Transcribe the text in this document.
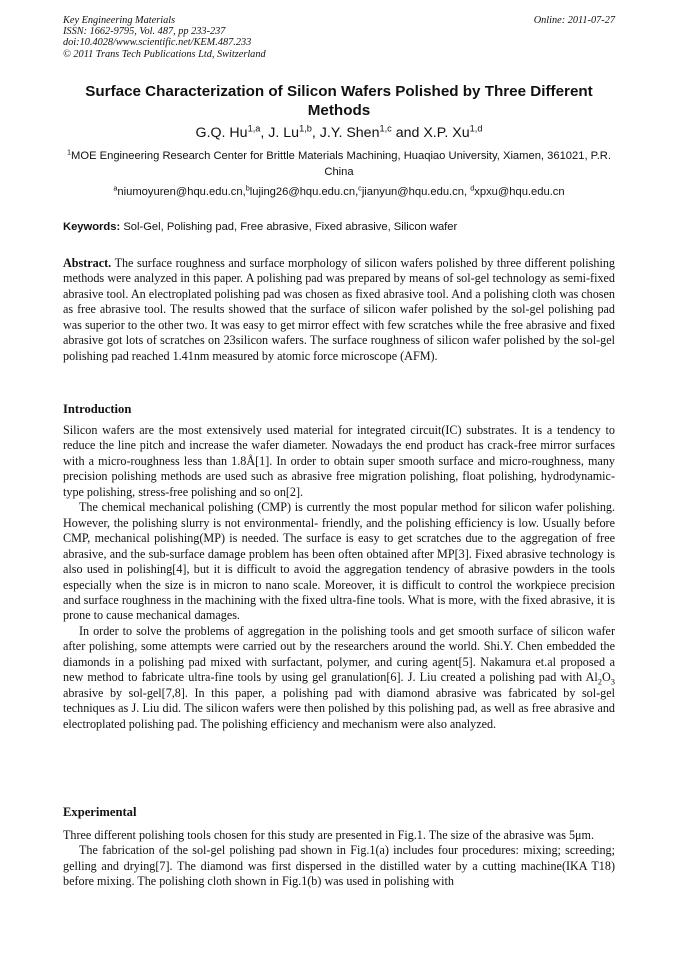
Key Engineering Materials
ISSN: 1662-9795, Vol. 487, pp 233-237
doi:10.4028/www.scientific.net/KEM.487.233
© 2011 Trans Tech Publications Ltd, Switzerland
Online: 2011-07-27
Surface Characterization of Silicon Wafers Polished by Three Different Methods
G.Q. Hu$^{1,a}$, J. Lu$^{1,b}$, J.Y. Shen$^{1,c}$ and X.P. Xu$^{1,d}$
$^1$MOE Engineering Research Center for Brittle Materials Machining, Huaqiao University, Xiamen, 361021, P.R. China
$^a$niumoyuren@hqu.edu.cn,$^b$lujing26@hqu.edu.cn,$^c$jianyun@hqu.edu.cn, $^d$xpxu@hqu.edu.cn
Keywords: Sol-Gel, Polishing pad, Free abrasive, Fixed abrasive, Silicon wafer
Abstract. The surface roughness and surface morphology of silicon wafers polished by three different polishing methods were analyzed in this paper. A polishing pad was prepared by means of sol-gel technology as semi-fixed abrasive tool. An electroplated polishing pad was chosen as fixed abrasive tool. And a polishing cloth was chosen as free abrasive tool. The results showed that the surface of silicon wafer polished by the sol-gel polishing pad was superior to the other two. It was easy to get mirror effect with few scratches while the free abrasive and fixed abrasive got lots of scratches on 23silicon wafers. The surface roughness of silicon wafer polished by the sol-gel polishing pad reached 1.41nm measured by atomic force microscope (AFM).
Introduction

Silicon wafers are the most extensively used material for integrated circuit(IC) substrates. It is a tendency to reduce the line pitch and increase the wafer diameter. Nowadays the end product has crack-free mirror surfaces with a micro-roughness less than 1.8Å[1]. In order to obtain super smooth surface and micro-roughness, many precision polishing methods are used such as abrasive free migration polishing, float polishing, hydrodynamic-type polishing, stress-free polishing and so on[2].

The chemical mechanical polishing (CMP) is currently the most popular method for silicon wafer polishing. However, the polishing slurry is not environmental- friendly, and the polishing efficiency is low. Usually before CMP, mechanical polishing(MP) is needed. The surface is easy to get scratches due to the aggregation of free abrasive, and the sub-surface damage problem has been often obtained after MP[3]. Fixed abrasive technology is also used in polishing[4], but it is difficult to avoid the aggregation tendency of abrasive powders in the tools especially when the size is in micron to nano scale. Moreover, it is difficult to control the workpiece precision and surface roughness in the machining with the fixed ultra-fine tools. What is more, with the fixed abrasive, it is prone to cause mechanical damages.

In order to solve the problems of aggregation in the polishing tools and get smooth surface of silicon wafer after polishing, some attempts were carried out by the researchers around the world. Shi.Y. Chen embedded the diamonds in a polishing pad mixed with surfactant, polymer, and curing agent[5]. Nakamura et.al proposed a new method to fabricate ultra-fine tools by using gel granulation[6]. J. Liu created a polishing pad with $Al_2O_3$ abrasive by sol-gel[7,8]. In this paper, a polishing pad with diamond abrasive was fabricated by sol-gel techniques as J. Liu did. The silicon wafers were then polished by this polishing pad, as well as free abrasive and electroplated polishing pad. The polishing efficiency and mechanism were also analyzed.

Experimental

Three different polishing tools chosen for this study are presented in Fig.1. The size of the abrasive was 5μm.

The fabrication of the sol-gel polishing pad shown in Fig.1(a) includes four procedures: mixing; screeding; gelling and drying[7]. The diamond was first dispersed in the distilled water by a cutting machine(IKA T18) before mixing. The polishing cloth shown in Fig.1(b) was used in polishing with
